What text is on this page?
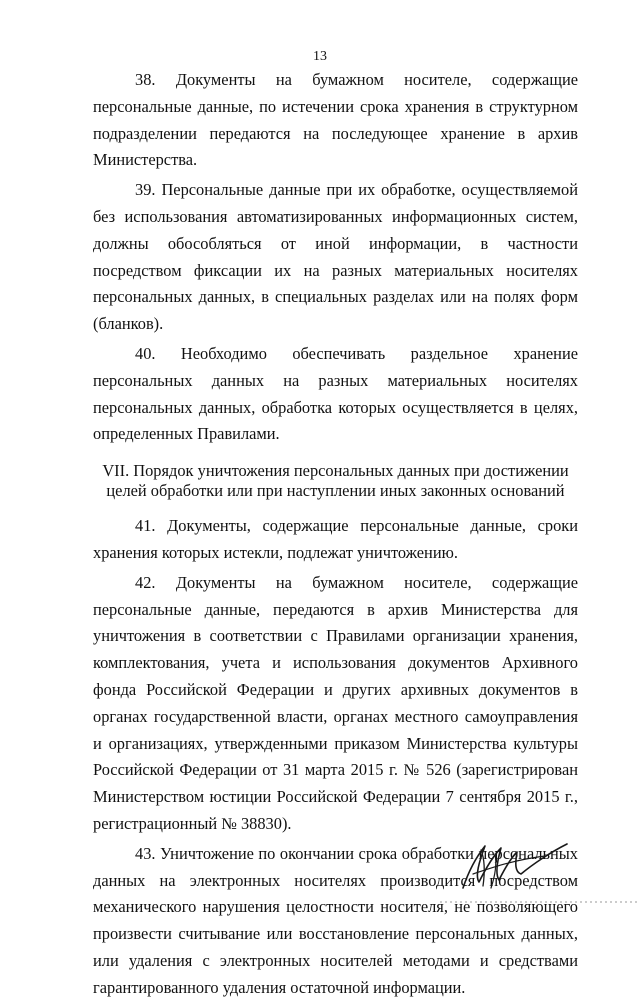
13

38. Документы на бумажном носителе, содержащие персональные данные, по истечении срока хранения в структурном подразделении передаются на последующее хранение в архив Министерства.

39. Персональные данные при их обработке, осуществляемой без использования автоматизированных информационных систем, должны обособляться от иной информации, в частности посредством фиксации их на разных материальных носителях персональных данных, в специальных разделах или на полях форм (бланков).

40. Необходимо обеспечивать раздельное хранение персональных данных на разных материальных носителях персональных данных, обработка которых осуществляется в целях, определенных Правилами.

VII. Порядок уничтожения персональных данных при достижении
целей обработки или при наступлении иных законных оснований

41. Документы, содержащие персональные данные, сроки хранения которых истекли, подлежат уничтожению.

42. Документы на бумажном носителе, содержащие персональные данные, передаются в архив Министерства для уничтожения в соответствии с Правилами организации хранения, комплектования, учета и использования документов Архивного фонда Российской Федерации и других архивных документов в органах государственной власти, органах местного самоуправления и организациях, утвержденными приказом Министерства культуры Российской Федерации от 31 марта 2015 г. № 526 (зарегистрирован Министерством юстиции Российской Федерации 7 сентября 2015 г., регистрационный № 38830).

43. Уничтожение по окончании срока обработки персональных данных на электронных носителях производится посредством механического нарушения целостности носителя, не позволяющего произвести считывание или восстановление персональных данных, или удаления с электронных носителей методами и средствами гарантированного удаления остаточной информации.
